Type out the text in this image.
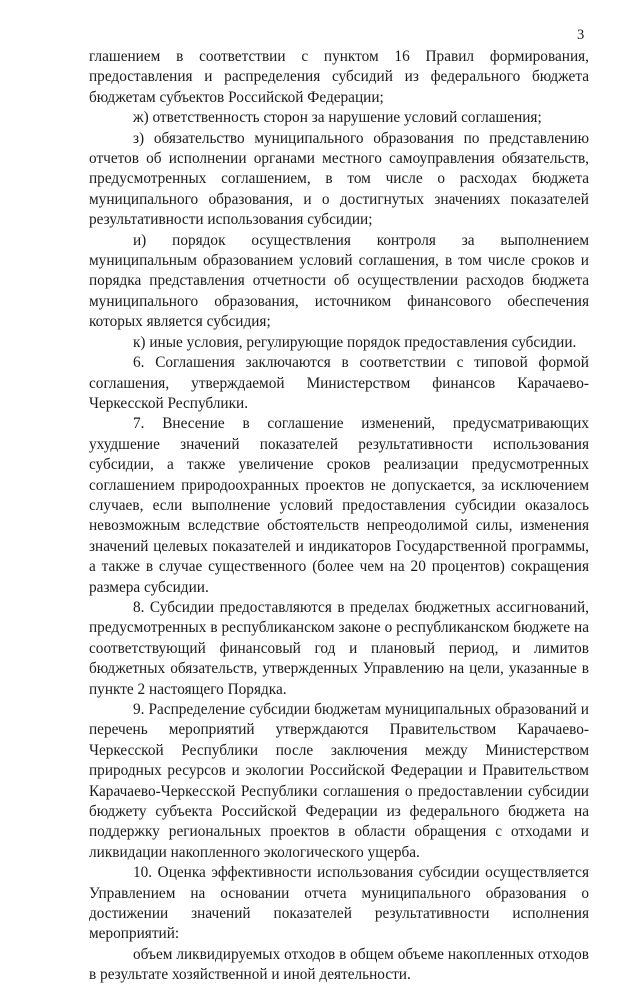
3

глашением в соответствии с пунктом 16 Правил формирования, предоставления и распределения субсидий из федерального бюджета бюджетам субъектов Российской Федерации;

ж) ответственность сторон за нарушение условий соглашения;

з) обязательство муниципального образования по представлению отчетов об исполнении органами местного самоуправления обязательств, предусмотренных соглашением, в том числе о расходах бюджета муниципального образования, и о достигнутых значениях показателей результативности использования субсидии;

и) порядок осуществления контроля за выполнением муниципальным образованием условий соглашения, в том числе сроков и порядка представления отчетности об осуществлении расходов бюджета муниципального образования, источником финансового обеспечения которых является субсидия;

к) иные условия, регулирующие порядок предоставления субсидии.

6. Соглашения заключаются в соответствии с типовой формой соглашения, утверждаемой Министерством финансов Карачаево-Черкесской Республики.

7. Внесение в соглашение изменений, предусматривающих ухудшение значений показателей результативности использования субсидии, а также увеличение сроков реализации предусмотренных соглашением природоохранных проектов не допускается, за исключением случаев, если выполнение условий предоставления субсидии оказалось невозможным вследствие обстоятельств непреодолимой силы, изменения значений целевых показателей и индикаторов Государственной программы, а также в случае существенного (более чем на 20 процентов) сокращения размера субсидии.

8. Субсидии предоставляются в пределах бюджетных ассигнований, предусмотренных в республиканском законе о республиканском бюджете на соответствующий финансовый год и плановый период, и лимитов бюджетных обязательств, утвержденных Управлению на цели, указанные в пункте 2 настоящего Порядка.

9. Распределение субсидии бюджетам муниципальных образований и перечень мероприятий утверждаются Правительством Карачаево-Черкесской Республики после заключения между Министерством природных ресурсов и экологии Российской Федерации и Правительством Карачаево-Черкесской Республики соглашения о предоставлении субсидии бюджету субъекта Российской Федерации из федерального бюджета на поддержку региональных проектов в области обращения с отходами и ликвидации накопленного экологического ущерба.

10. Оценка эффективности использования субсидии осуществляется Управлением на основании отчета муниципального образования о достижении значений показателей результативности исполнения мероприятий:

объем ликвидируемых отходов в общем объеме накопленных отходов в результате хозяйственной и иной деятельности.
